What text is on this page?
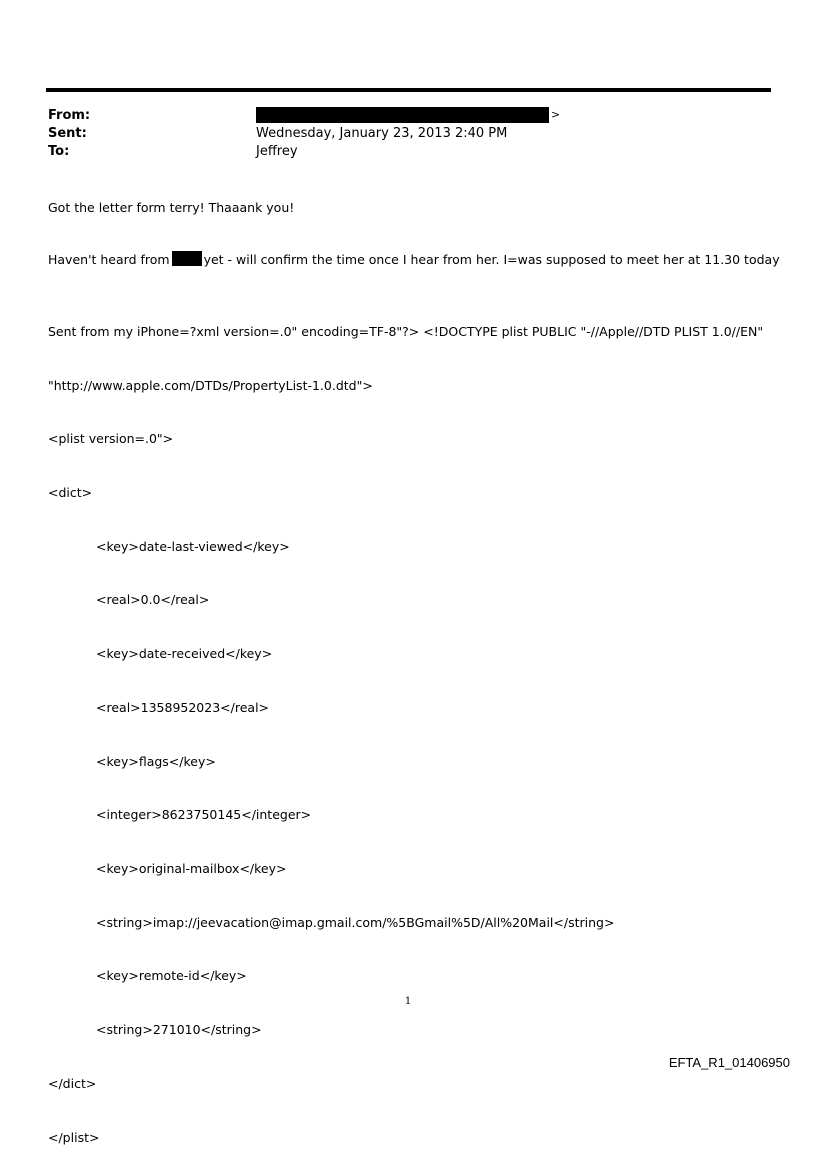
From:	>
Sent:	Wednesday, January 23, 2013 2:40 PM
To:	Jeffrey
Got the letter form terry! Thaaank you!
Haven't heard from	yet - will confirm the time once I hear from her. I=was supposed to meet her at 11.30 today

Sent from my iPhone=?xml version=.0" encoding=TF-8"?> <!DOCTYPE plist PUBLIC "-//Apple//DTD PLIST 1.0//EN"

"http://www.apple.com/DTDs/PropertyList-1.0.dtd">

<plist version=.0">

<dict>

<key>date-last-viewed</key>

<real>0.0</real>

<key>date-received</key>

<real>1358952023</real>

<key>flags</key>

<integer>8623750145</integer>

<key>original-mailbox</key>

<string>imap://jeevacation@imap.gmail.com/%5BGmail%5D/All%20Mail</string>

<key>remote-id</key>

<string>271010</string>

</dict>

</plist>

1
EFTA_R1_01406950
